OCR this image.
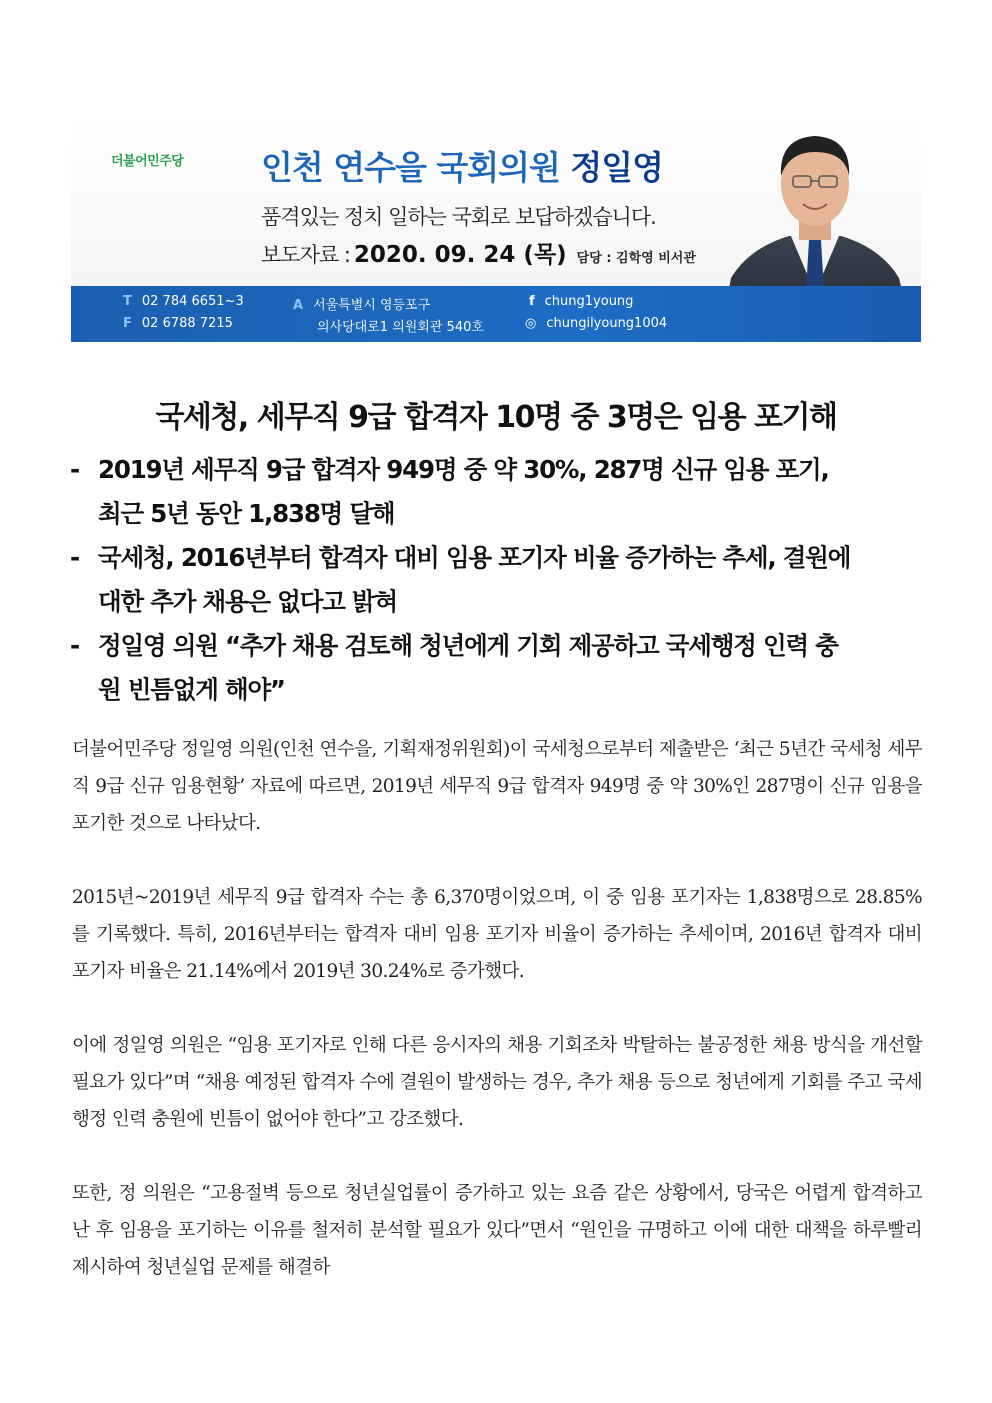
더불어민주당 인천 연수을 국회의원 정일영
품격있는 정치 일하는 국회로 보답하겠습니다.
보도자료 : 2020. 09. 24 (목) 담당 : 김학영 비서관
T 02 784 6651~3
F 02 6788 7215
A 서울특별시 영등포구
의사당대로1 의원회관 540호
f chung1young
◎ chungilyoung1004
국세청, 세무직 9급 합격자 10명 중 3명은 임용 포기해
- 2019년 세무직 9급 합격자 949명 중 약 30%, 287명 신규 임용 포기,
최근 5년 동안 1,838명 달해
- 국세청, 2016년부터 합격자 대비 임용 포기자 비율 증가하는 추세, 결원에
대한 추가 채용은 없다고 밝혀
- 정일영 의원 “추가 채용 검토해 청년에게 기회 제공하고 국세행정 인력 충
원 빈틈없게 해야”

더불어민주당 정일영 의원(인천 연수을, 기획재정위원회)이 국세청으로부터 제출받은 ‘최근 5년간 국세청 세무직 9급 신규 임용현황’ 자료에 따르면, 2019년 세무직 9급 합격자 949명 중 약 30%인 287명이 신규 임용을 포기한 것으로 나타났다.

2015년~2019년 세무직 9급 합격자 수는 총 6,370명이었으며, 이 중 임용 포기자는 1,838명으로 28.85%를 기록했다. 특히, 2016년부터는 합격자 대비 임용 포기자 비율이 증가하는 추세이며, 2016년 합격자 대비 포기자 비율은 21.14%에서 2019년 30.24%로 증가했다.

이에 정일영 의원은 “임용 포기자로 인해 다른 응시자의 채용 기회조차 박탈하는 불공정한 채용 방식을 개선할 필요가 있다”며 “채용 예정된 합격자 수에 결원이 발생하는 경우, 추가 채용 등으로 청년에게 기회를 주고 국세행정 인력 충원에 빈틈이 없어야 한다”고 강조했다.

또한, 정 의원은 “고용절벽 등으로 청년실업률이 증가하고 있는 요즘 같은 상황에서, 당국은 어렵게 합격하고 난 후 임용을 포기하는 이유를 철저히 분석할 필요가 있다”면서 “원인을 규명하고 이에 대한 대책을 하루빨리 제시하여 청년실업 문제를 해결하
